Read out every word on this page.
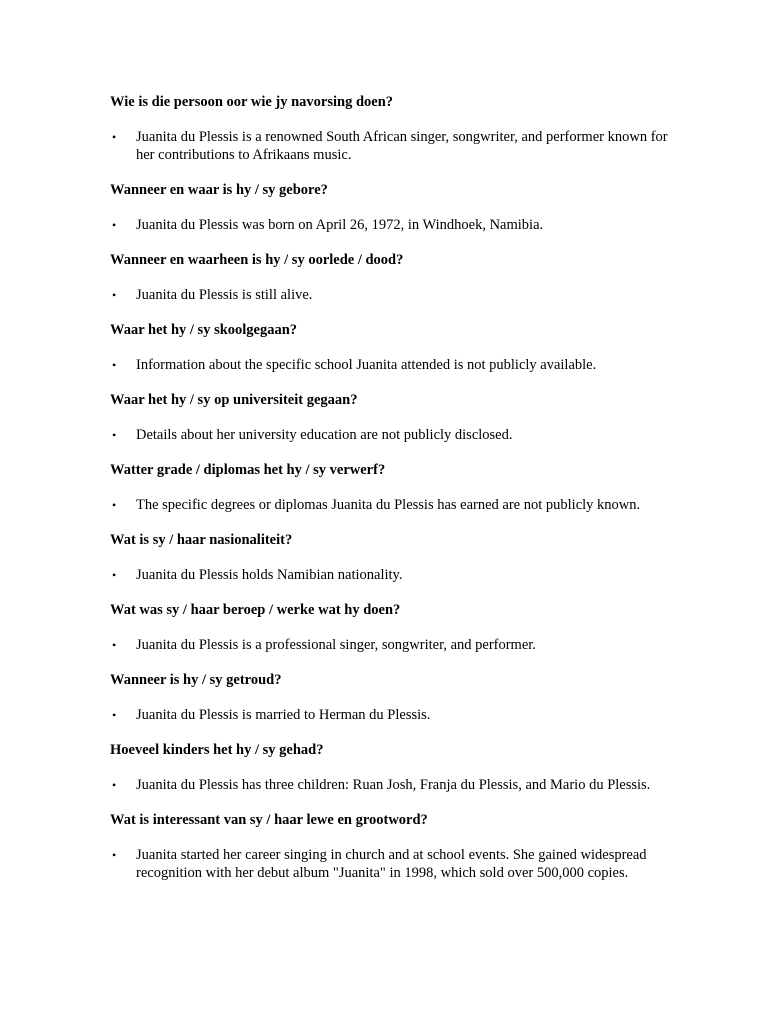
Wie is die persoon oor wie jy navorsing doen?

• Juanita du Plessis is a renowned South African singer, songwriter, and performer known for her contributions to Afrikaans music.

Wanneer en waar is hy / sy gebore?

• Juanita du Plessis was born on April 26, 1972, in Windhoek, Namibia.

Wanneer en waarheen is hy / sy oorlede / dood?

• Juanita du Plessis is still alive.

Waar het hy / sy skoolgegaan?

• Information about the specific school Juanita attended is not publicly available.

Waar het hy / sy op universiteit gegaan?

• Details about her university education are not publicly disclosed.

Watter grade / diplomas het hy / sy verwerf?

• The specific degrees or diplomas Juanita du Plessis has earned are not publicly known.

Wat is sy / haar nasionaliteit?

• Juanita du Plessis holds Namibian nationality.

Wat was sy / haar beroep / werke wat hy doen?

• Juanita du Plessis is a professional singer, songwriter, and performer.

Wanneer is hy / sy getroud?

• Juanita du Plessis is married to Herman du Plessis.

Hoeveel kinders het hy / sy gehad?

• Juanita du Plessis has three children: Ruan Josh, Franja du Plessis, and Mario du Plessis.

Wat is interessant van sy / haar lewe en grootword?

• Juanita started her career singing in church and at school events. She gained widespread recognition with her debut album "Juanita" in 1998, which sold over 500,000 copies.
